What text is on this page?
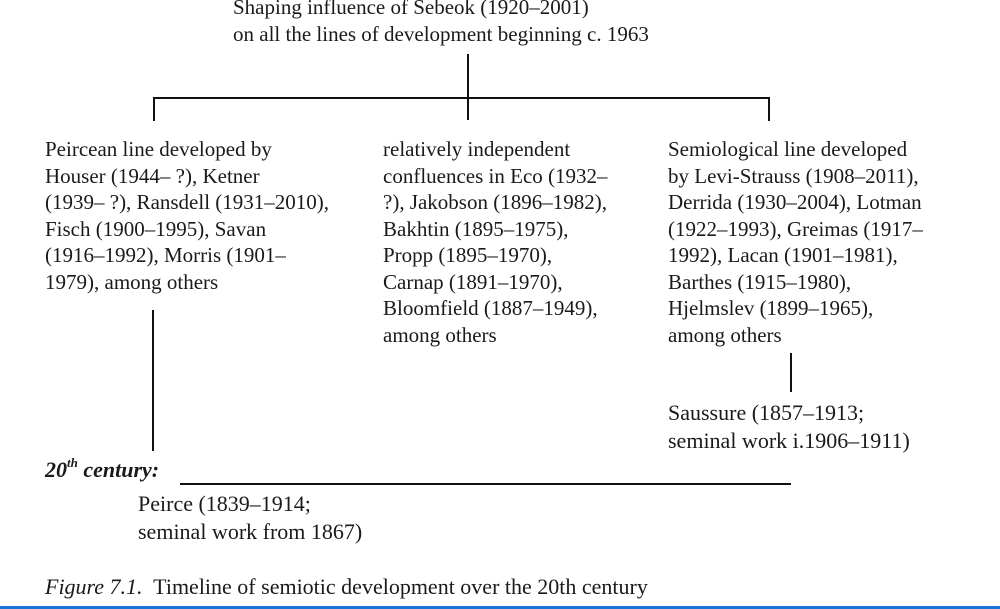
Shaping influence of Sebeok (1920–2001)
on all the lines of development beginning c. 1963
Peircean line developed by
Houser (1944– ?), Ketner
(1939– ?), Ransdell (1931–2010),
Fisch (1900–1995), Savan
(1916–1992), Morris (1901–
1979), among others
relatively independent
confluences in Eco (1932–
?), Jakobson (1896–1982),
Bakhtin (1895–1975),
Propp (1895–1970),
Carnap (1891–1970),
Bloomfield (1887–1949),
among others
Semiological line developed
by Levi-Strauss (1908–2011),
Derrida (1930–2004), Lotman
(1922–1993), Greimas (1917–
1992), Lacan (1901–1981),
Barthes (1915–1980),
Hjelmslev (1899–1965),
among others
Saussure (1857–1913;
seminal work i.1906–1911)
20th century:
Peirce (1839–1914;
seminal work from 1867)
Figure 7.1.  Timeline of semiotic development over the 20th century
